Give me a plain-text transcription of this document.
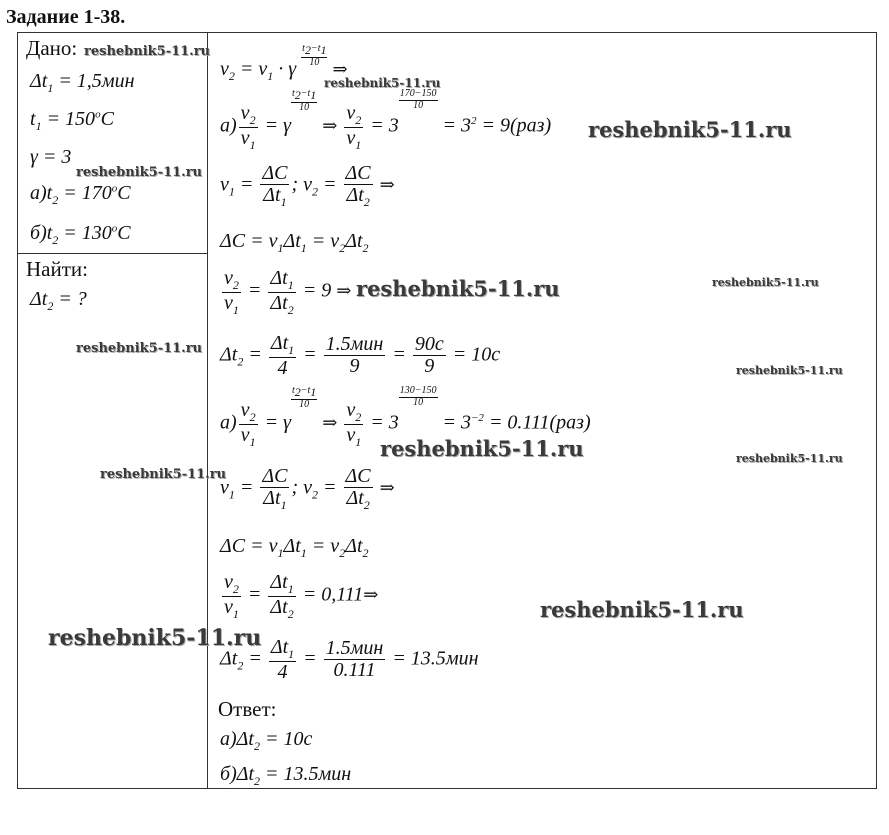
Задание 1-38.
Дано:
$\Delta t_1 = 1,5мин$
$t_1 = 150^oC$
γ = 3
$а)t_2 = 170^oC$
$б)t_2 = 130^oC$
Найти:
$\Delta t_2$ = ?
$v_2 = v_1 \cdot \gamma$
$\frac{t_2-t_1}{10}$
⇒
$а) \frac{v_2}{v_1} = \gamma$
$\frac{t_2-t_1}{10}$
⇒ $\frac{v_2}{v_1} = 3$
$\frac{170-150}{10}$
= $3^2 = 9(раз)$
$v_1 = \frac{\Delta C}{\Delta t_1}$ ; $v_2 = \frac{\Delta C}{\Delta t_2}$ ⇒
$\Delta C = v_1\Delta t_1 = v_2\Delta t_2$
$\frac{v_2}{v_1} = \frac{\Delta t_1}{\Delta t_2} = 9$ ⇒
$\Delta t_2 = \frac{\Delta t_1}{4} = \frac{\text{1.5мин}}{9} = \frac{90с}{9} = 10с$
$а) \frac{v_2}{v_1} = \gamma$
$\frac{t_2-t_1}{10}$
⇒ $\frac{v_2}{v_1} = 3$
$\frac{130-150}{10}$
= $3^{-2} = 0.111(раз)$
$v_1 = \frac{\Delta C}{\Delta t_1}$ ; $v_2 = \frac{\Delta C}{\Delta t_2}$ ⇒
$\Delta C = v_1\Delta t_1 = v_2\Delta t_2$
$\frac{v_2}{v_1} = \frac{\Delta t_1}{\Delta t_2}$ = 0,111⇒
$\Delta t_2 = \frac{\Delta t_1}{4} = \frac{\text{1.5мин}}{0.111} = 13.5мин$
Ответ:
$а)\Delta t_2 = 10с$
$б)\Delta t_2 = 13.5мин$
reshebnik5-11.ru
reshebnik5-11.ru
reshebnik5-11.ru
reshebnik5-11.ru
reshebnik5-11.ru	reshebnik5-11.ru
reshebnik5-11.ru
reshebnik5-11.ru
reshebnik5-11.ru	reshebnik5-11.ru
reshebnik5-11.ru
reshebnik5-11.ru
reshebnik5-11.ru
